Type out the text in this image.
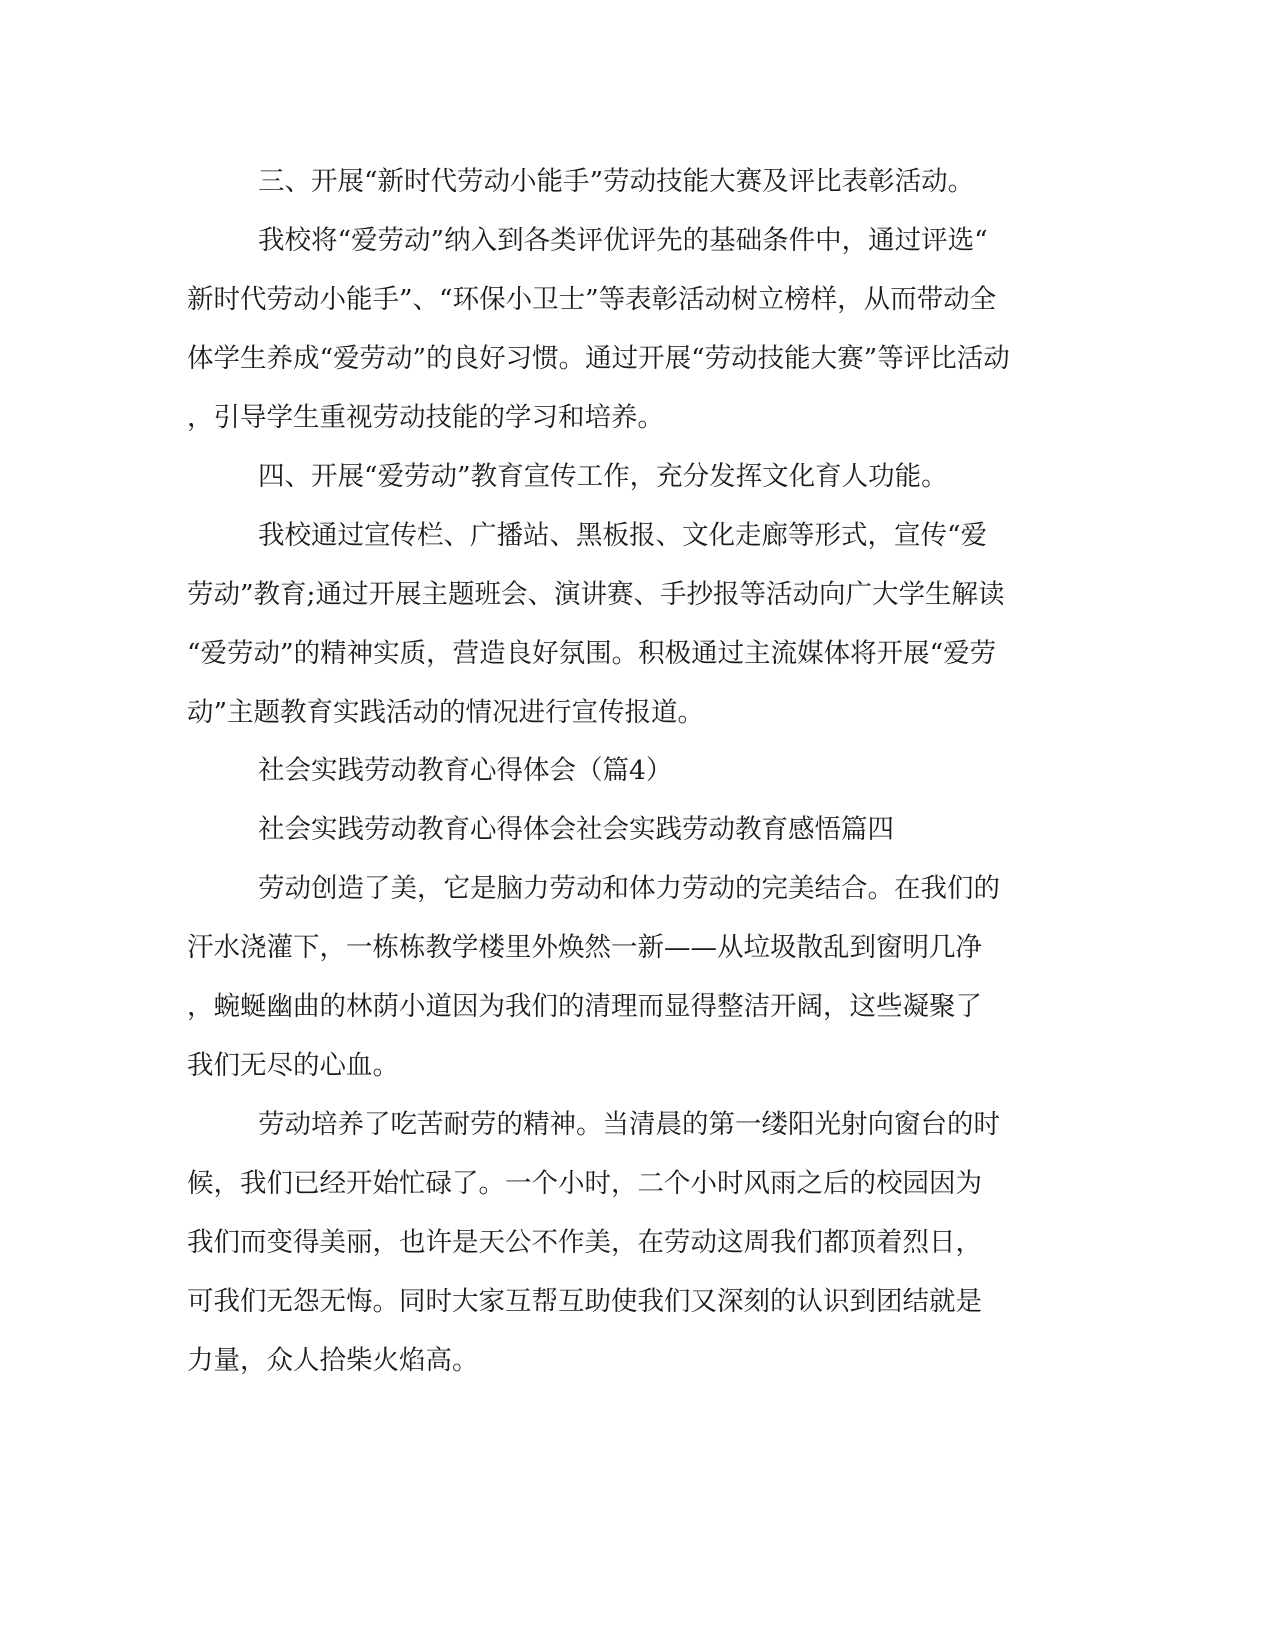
三、开展“新时代劳动小能手”劳动技能大赛及评比表彰活动。

我校将“爱劳动”纳入到各类评优评先的基础条件中，通过评选“

新时代劳动小能手”、“环保小卫士”等表彰活动树立榜样，从而带动全

体学生养成“爱劳动”的良好习惯。通过开展“劳动技能大赛”等评比活动

，引导学生重视劳动技能的学习和培养。

四、开展“爱劳动”教育宣传工作，充分发挥文化育人功能。

我校通过宣传栏、广播站、黑板报、文化走廊等形式，宣传“爱

劳动”教育;通过开展主题班会、演讲赛、手抄报等活动向广大学生解读

“爱劳动”的精神实质，营造良好氛围。积极通过主流媒体将开展“爱劳

动”主题教育实践活动的情况进行宣传报道。

社会实践劳动教育心得体会（篇4）

社会实践劳动教育心得体会社会实践劳动教育感悟篇四

劳动创造了美，它是脑力劳动和体力劳动的完美结合。在我们的

汗水浇灌下，一栋栋教学楼里外焕然一新——从垃圾散乱到窗明几净

，蜿蜒幽曲的林荫小道因为我们的清理而显得整洁开阔，这些凝聚了

我们无尽的心血。

劳动培养了吃苦耐劳的精神。当清晨的第一缕阳光射向窗台的时

候，我们已经开始忙碌了。一个小时，二个小时风雨之后的校园因为

我们而变得美丽，也许是天公不作美，在劳动这周我们都顶着烈日，

可我们无怨无悔。同时大家互帮互助使我们又深刻的认识到团结就是

力量，众人拾柴火焰高。
